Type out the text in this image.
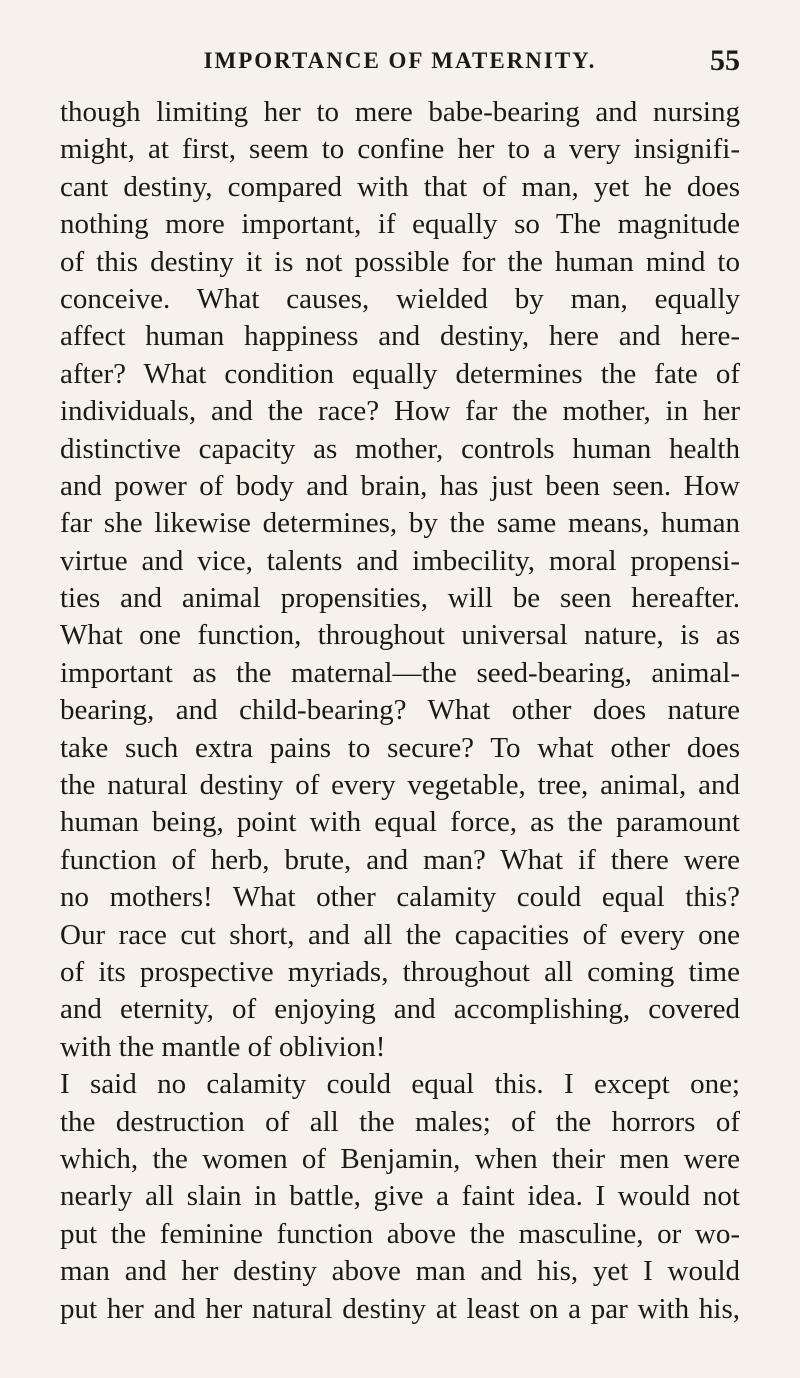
IMPORTANCE OF MATERNITY.	55
though limiting her to mere babe-bearing and nursing
might, at first, seem to confine her to a very insignifi-
cant destiny, compared with that of man, yet he does
nothing more important, if equally so The magnitude
of this destiny it is not possible for the human mind to
conceive. What causes, wielded by man, equally
affect human happiness and destiny, here and here-
after? What condition equally determines the fate of
individuals, and the race? How far the mother, in her
distinctive capacity as mother, controls human health
and power of body and brain, has just been seen. How
far she likewise determines, by the same means, human
virtue and vice, talents and imbecility, moral propensi-
ties and animal propensities, will be seen hereafter.
What one function, throughout universal nature, is as
important as the maternal—the seed-bearing, animal-
bearing, and child-bearing? What other does nature
take such extra pains to secure? To what other does
the natural destiny of every vegetable, tree, animal, and
human being, point with equal force, as the paramount
function of herb, brute, and man? What if there were
no mothers! What other calamity could equal this?
Our race cut short, and all the capacities of every one
of its prospective myriads, throughout all coming time
and eternity, of enjoying and accomplishing, covered
with the mantle of oblivion!
I said no calamity could equal this. I except one;
the destruction of all the males; of the horrors of
which, the women of Benjamin, when their men were
nearly all slain in battle, give a faint idea. I would not
put the feminine function above the masculine, or wo-
man and her destiny above man and his, yet I would
put her and her natural destiny at least on a par with his,
